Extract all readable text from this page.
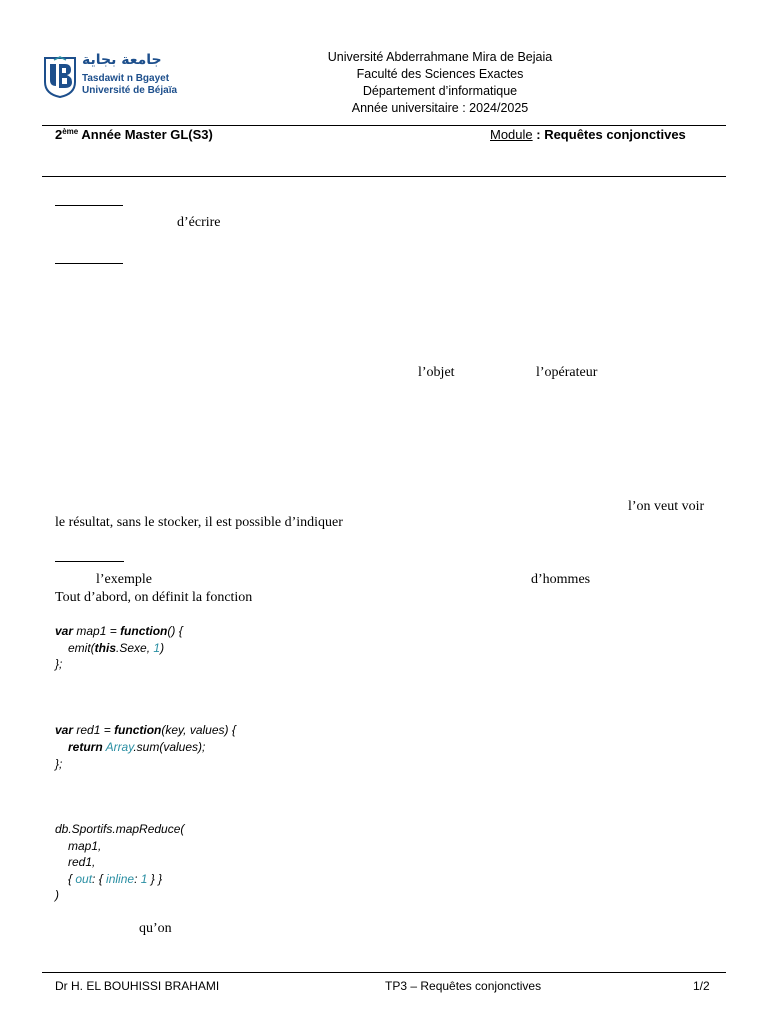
جامعة بجاية
Tasdawit n Bgayet
Université de Béjaïa
Université Abderrahmane Mira de Bejaia
Faculté des Sciences Exactes
Département d’informatique
Année universitaire : 2024/2025
2ème Année Master GL(S3)	Module : Requêtes conjonctives
d’écrire
l’objet	l’opérateur
l’on veut voir
le résultat, sans le stocker, il est possible d’indiquer
l’exemple	d’hommes
Tout d’abord, on définit la fonction
var map1 = function() {
emit(this.Sexe, 1)
};
var red1 = function(key, values) {
return Array.sum(values);
};
db.Sportifs.mapReduce(
map1,
red1,
{ out: { inline: 1 } }
)
qu’on
Dr H. EL BOUHISSI BRAHAMI	TP3 – Requêtes conjonctives	1/2
